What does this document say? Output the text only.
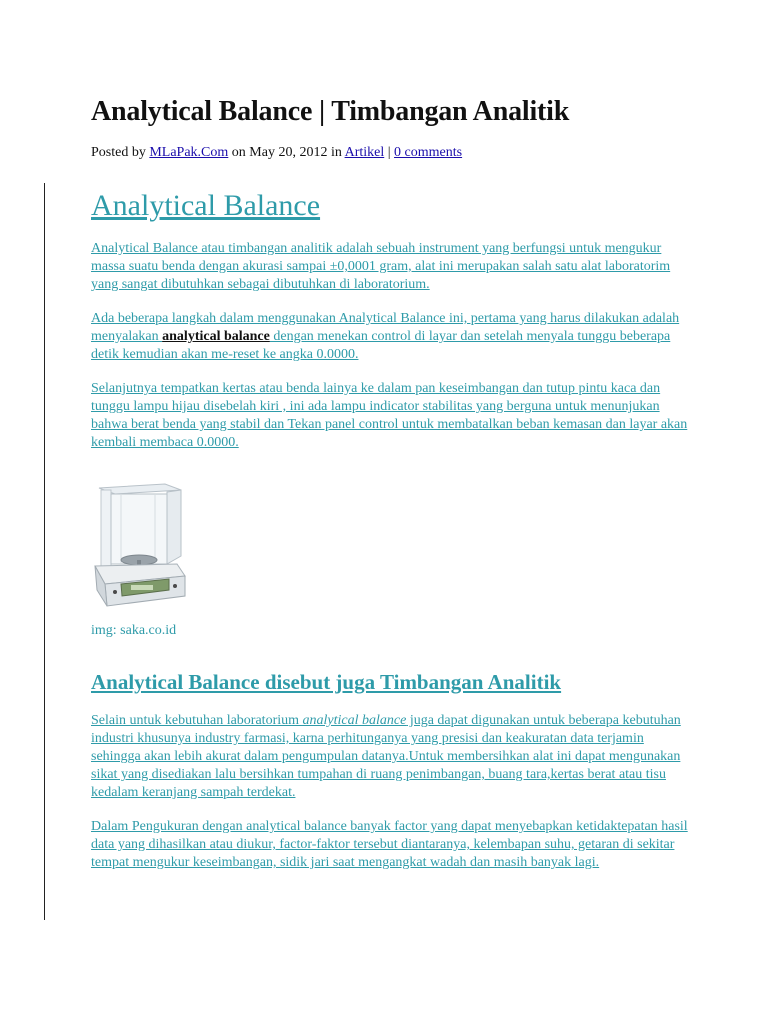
Analytical Balance | Timbangan Analitik
Posted by MLaPak.Com on May 20, 2012 in Artikel | 0 comments
Analytical Balance

Analytical Balance atau timbangan analitik adalah sebuah instrument yang berfungsi untuk mengukur massa suatu benda dengan akurasi sampai ±0,0001 gram, alat ini merupakan salah satu alat laboratorim yang sangat dibutuhkan sebagai dibutuhkan di laboratorium.

Ada beberapa langkah dalam menggunakan Analytical Balance ini, pertama yang harus dilakukan adalah menyalakan analytical balance dengan menekan control di layar dan setelah menyala tunggu beberapa detik kemudian akan me-reset ke angka 0.0000.

Selanjutnya tempatkan kertas atau benda lainya ke dalam pan keseimbangan dan tutup pintu kaca dan tunggu lampu hijau disebelah kiri , ini ada lampu indicator stabilitas yang berguna untuk menunjukan bahwa berat benda yang stabil dan Tekan panel control untuk membatalkan beban kemasan dan layar akan kembali membaca 0.0000.

img: saka.co.id
Analytical Balance disebut juga Timbangan Analitik

Selain untuk kebutuhan laboratorium analytical balance juga dapat digunakan untuk beberapa kebutuhan industri khusunya industry farmasi, karna perhitunganya yang presisi dan keakuratan data terjamin sehingga akan lebih akurat dalam pengumpulan datanya.Untuk membersihkan alat ini dapat mengunakan sikat yang disediakan lalu bersihkan tumpahan di ruang penimbangan, buang tara,kertas berat atau tisu kedalam keranjang sampah terdekat.

Dalam Pengukuran dengan analytical balance banyak factor yang dapat menyebapkan ketidaktepatan hasil data yang dihasilkan atau diukur, factor-faktor tersebut diantaranya, kelembapan suhu, getaran di sekitar tempat mengukur keseimbangan, sidik jari saat mengangkat wadah dan masih banyak lagi.
